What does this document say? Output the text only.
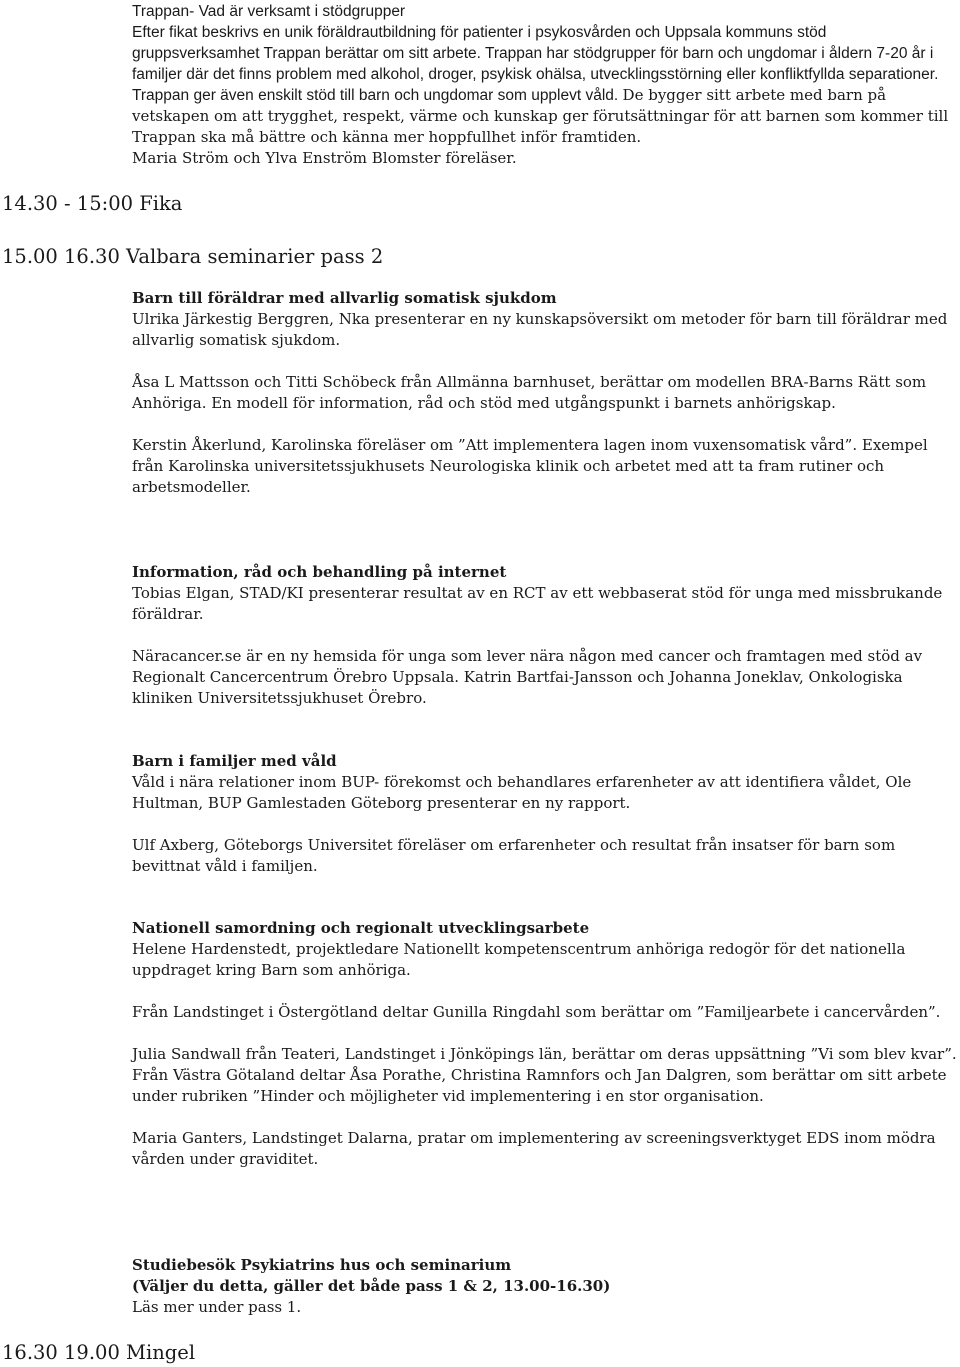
Trappan- Vad är verksamt i stödgrupper

Efter fikat beskrivs en unik föräldrautbildning för patienter i psykosvården och Uppsala kommuns stöd gruppsverksamhet Trappan berättar om sitt arbete. Trappan har stödgrupper för barn och ungdomar i åldern 7-20 år i familjer där det finns problem med alkohol, droger, psykisk ohälsa, utvecklingsstörning eller konfliktfyllda separationer. Trappan ger även enskilt stöd till barn och ungdomar som upplevt våld. De bygger sitt arbete med barn på vetskapen om att trygghet, respekt, värme och kunskap ger förutsättningar för att barnen som kommer till Trappan ska må bättre och känna mer hoppfullhet inför framtiden.

Maria Ström och Ylva Enström Blomster föreläser.

14.30 - 15:00 Fika
15.00 16.30 Valbara seminarier pass 2

Barn till föräldrar med allvarlig somatisk sjukdom

Ulrika Järkestig Berggren, Nka presenterar en ny kunskapsöversikt om metoder för barn till föräldrar med allvarlig somatisk sjukdom.

Åsa L Mattsson och Titti Schöbeck från Allmänna barnhuset, berättar om modellen BRA-Barns Rätt som Anhöriga. En modell för information, råd och stöd med utgångspunkt i barnets anhörigskap.

Kerstin Åkerlund, Karolinska föreläser om ”Att implementera lagen inom vuxensomatisk vård”. Exempel från Karolinska universitetssjukhusets Neurologiska klinik och arbetet med att ta fram rutiner och arbetsmodeller.

Information, råd och behandling på internet

Tobias Elgan, STAD/KI presenterar resultat av en RCT av ett webbaserat stöd för unga med missbrukande föräldrar.

Näracancer.se är en ny hemsida för unga som lever nära någon med cancer och framtagen med stöd av Regionalt Cancercentrum Örebro Uppsala. Katrin Bartfai-Jansson och Johanna Joneklav, Onkologiska kliniken Universitetssjukhuset Örebro.

Barn i familjer med våld

Våld i nära relationer inom BUP- förekomst och behandlares erfarenheter av att identifiera våldet, Ole Hultman, BUP Gamlestaden Göteborg presenterar en ny rapport.

Ulf Axberg, Göteborgs Universitet föreläser om erfarenheter och resultat från insatser för barn som bevittnat våld i familjen.

Nationell samordning och regionalt utvecklingsarbete

Helene Hardenstedt, projektledare Nationellt kompetenscentrum anhöriga redogör för det nationella uppdraget kring Barn som anhöriga.

Från Landstinget i Östergötland deltar Gunilla Ringdahl som berättar om ”Familjearbete i cancervården”.

Julia Sandwall från Teateri, Landstinget i Jönköpings län, berättar om deras uppsättning ”Vi som blev kvar”.

Från Västra Götaland deltar Åsa Porathe, Christina Ramnfors och Jan Dalgren, som berättar om sitt arbete under rubriken ”Hinder och möjligheter vid implementering i en stor organisation.

Maria Ganters, Landstinget Dalarna, pratar om implementering av screeningsverktyget EDS inom mödra vården under graviditet.

Studiebesök Psykiatrins hus och seminarium

(Väljer du detta, gäller det både pass 1 & 2, 13.00-16.30)

Läs mer under pass 1.

16.30 19.00 Mingel
